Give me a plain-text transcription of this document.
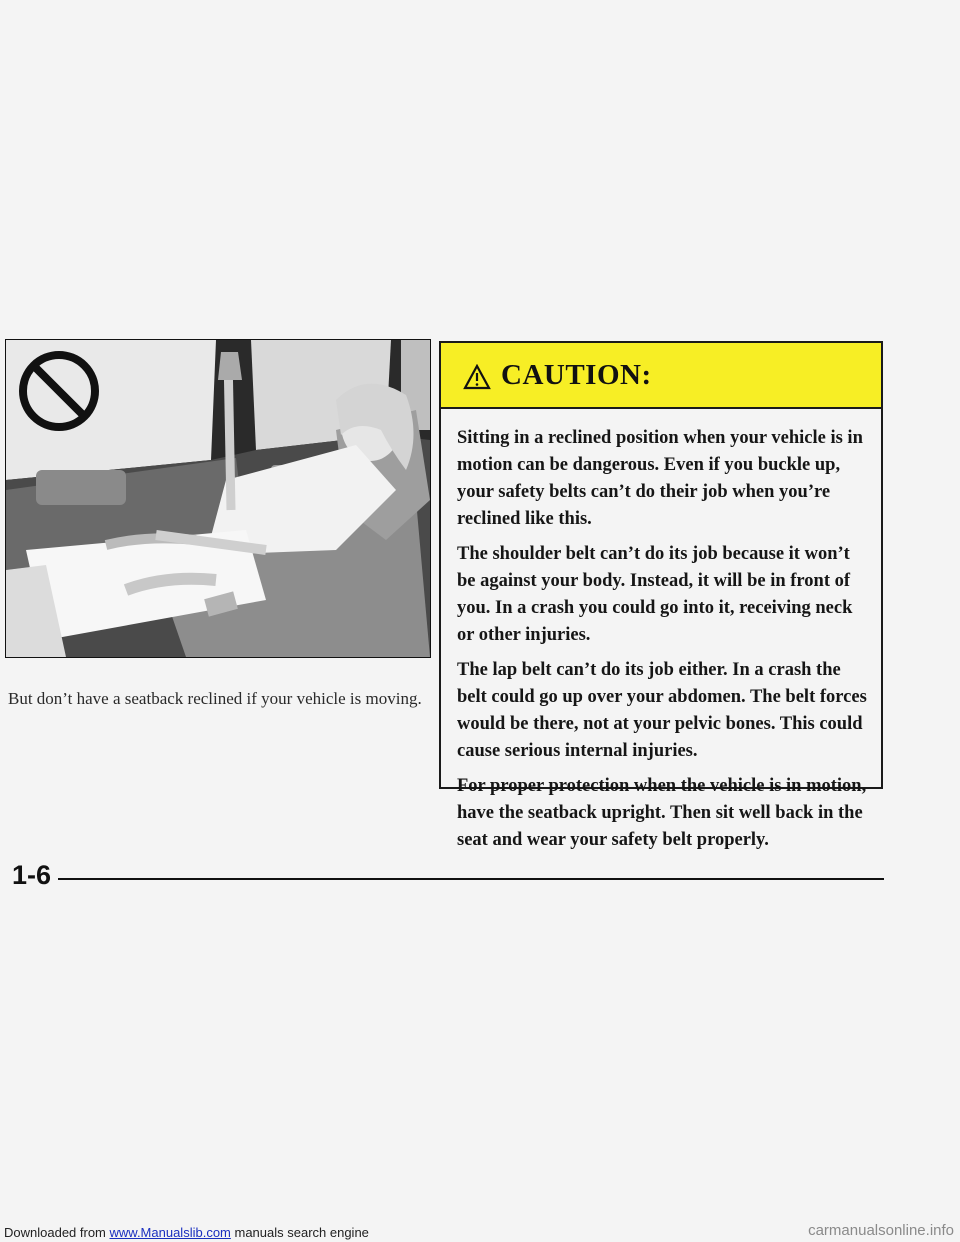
But don’t have a seatback reclined if your vehicle is moving.
CAUTION:

Sitting in a reclined position when your vehicle is in motion can be dangerous. Even if you buckle up, your safety belts can’t do their job when you’re reclined like this.

The shoulder belt can’t do its job because it won’t be against your body. Instead, it will be in front of you. In a crash you could go into it, receiving neck or other injuries.

The lap belt can’t do its job either. In a crash the belt could go up over your abdomen. The belt forces would be there, not at your pelvic bones. This could cause serious internal injuries.

For proper protection when the vehicle is in motion, have the seatback upright. Then sit well back in the seat and wear your safety belt properly.

1-6
Downloaded from www.Manualslib.com manuals search engine	carmanualsonline.info
